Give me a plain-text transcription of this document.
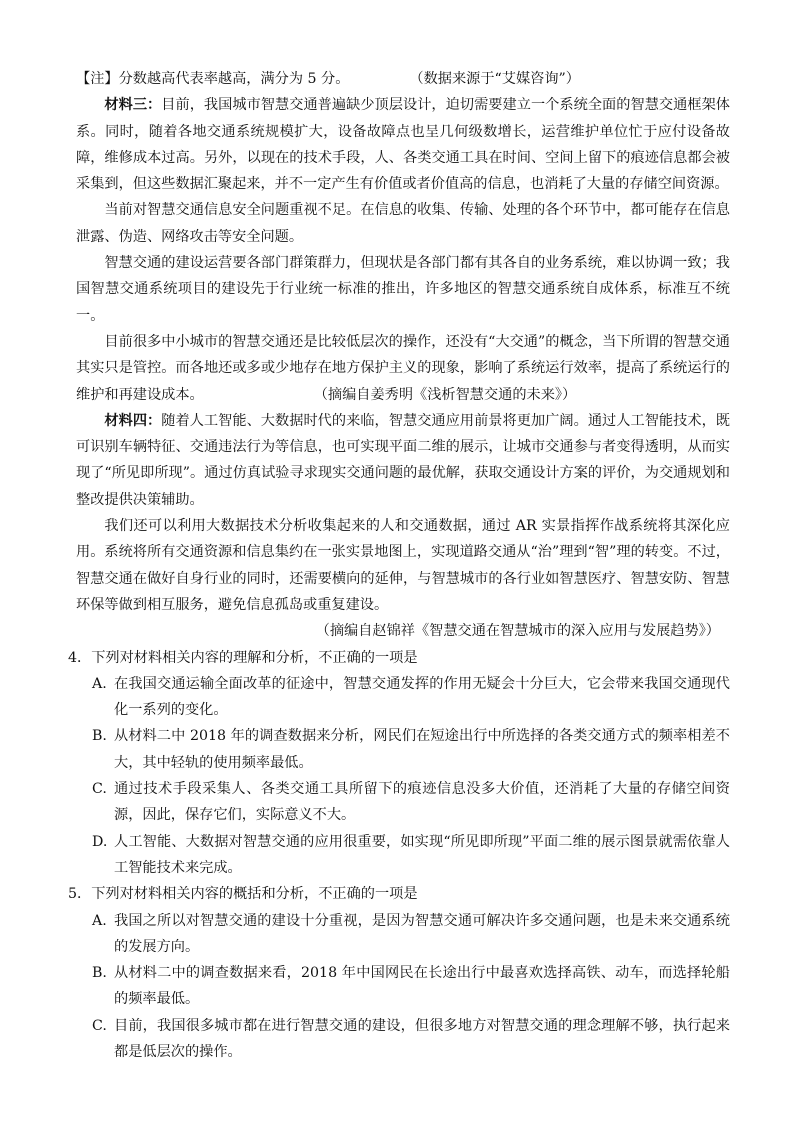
【注】分数越高代表率越高，满分为 5 分。	（数据来源于“艾媒咨询”）

材料三：目前，我国城市智慧交通普遍缺少顶层设计，迫切需要建立一个系统全面的智慧交通框架体系。同时，随着各地交通系统规模扩大，设备故障点也呈几何级数增长，运营维护单位忙于应付设备故障，维修成本过高。另外，以现在的技术手段，人、各类交通工具在时间、空间上留下的痕迹信息都会被采集到，但这些数据汇聚起来，并不一定产生有价值或者价值高的信息，也消耗了大量的存储空间资源。

当前对智慧交通信息安全问题重视不足。在信息的收集、传输、处理的各个环节中，都可能存在信息泄露、伪造、网络攻击等安全问题。

智慧交通的建设运营要各部门群策群力，但现状是各部门都有其各自的业务系统，难以协调一致；我国智慧交通系统项目的建设先于行业统一标准的推出，许多地区的智慧交通系统自成体系，标准互不统一。

目前很多中小城市的智慧交通还是比较低层次的操作，还没有“大交通”的概念，当下所谓的智慧交通其实只是管控。而各地还或多或少地存在地方保护主义的现象，影响了系统运行效率，提高了系统运行的维护和再建设成本。	（摘编自姜秀明《浅析智慧交通的未来》）

材料四：随着人工智能、大数据时代的来临，智慧交通应用前景将更加广阔。通过人工智能技术，既可识别车辆特征、交通违法行为等信息，也可实现平面二维的展示，让城市交通参与者变得透明，从而实现了“所见即所现”。通过仿真试验寻求现实交通问题的最优解，获取交通设计方案的评价，为交通规划和整改提供决策辅助。

我们还可以利用大数据技术分析收集起来的人和交通数据，通过 AR 实景指挥作战系统将其深化应用。系统将所有交通资源和信息集约在一张实景地图上，实现道路交通从“治”理到“智”理的转变。不过，智慧交通在做好自身行业的同时，还需要横向的延伸，与智慧城市的各行业如智慧医疗、智慧安防、智慧环保等做到相互服务，避免信息孤岛或重复建设。

（摘编自赵锦祥《智慧交通在智慧城市的深入应用与发展趋势》）

4．下列对材料相关内容的理解和分析，不正确的一项是

A. 在我国交通运输全面改革的征途中，智慧交通发挥的作用无疑会十分巨大，它会带来我国交通现代化一系列的变化。
B. 从材料二中 2018 年的调查数据来分析，网民们在短途出行中所选择的各类交通方式的频率相差不大，其中轻轨的使用频率最低。
C. 通过技术手段采集人、各类交通工具所留下的痕迹信息没多大价值，还消耗了大量的存储空间资源，因此，保存它们，实际意义不大。
D. 人工智能、大数据对智慧交通的应用很重要，如实现“所见即所现”平面二维的展示图景就需依靠人工智能技术来完成。

5．下列对材料相关内容的概括和分析，不正确的一项是

A. 我国之所以对智慧交通的建设十分重视，是因为智慧交通可解决许多交通问题，也是未来交通系统的发展方向。
B. 从材料二中的调查数据来看，2018 年中国网民在长途出行中最喜欢选择高铁、动车，而选择轮船的频率最低。
C. 目前，我国很多城市都在进行智慧交通的建设，但很多地方对智慧交通的理念理解不够，执行起来都是低层次的操作。
